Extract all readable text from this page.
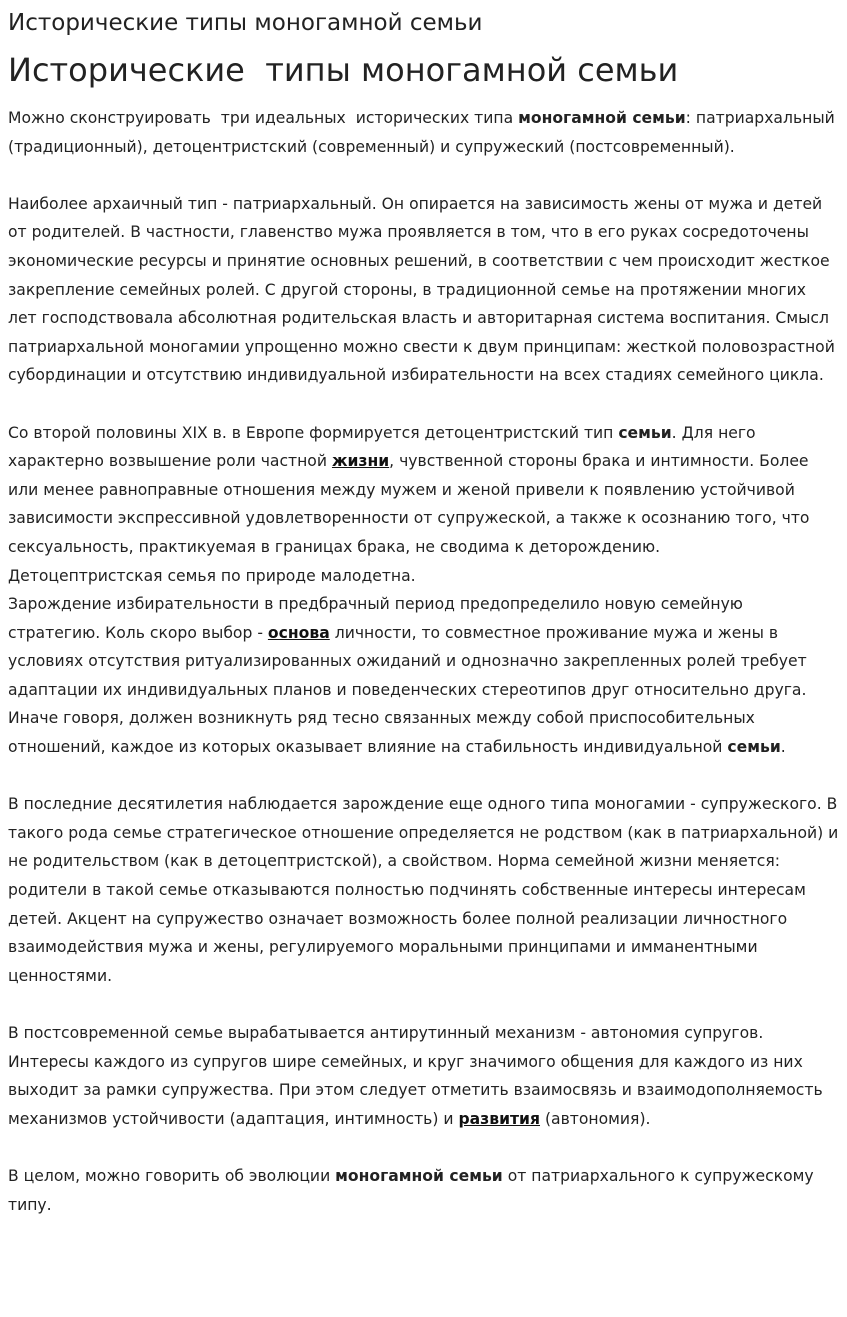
Исторические типы моногамной семьи
Исторические  типы моногамной семьи

Можно сконструировать  три идеальных  исторических типа моногамной семьи: патриархальный (традиционный), детоцентристский (современный) и супружеский (постсовременный).

Наиболее архаичный тип - патриархальный. Он опирается на зависимость жены от мужа и детей от родителей. В частности, главенство мужа проявляется в том, что в его руках сосредоточены экономические ресурсы и принятие основных решений, в соответствии с чем происходит жесткое закрепление семейных ролей. С другой стороны, в традиционной семье на протяжении многих лет господствовала абсолютная родительская власть и авторитарная система воспитания. Смысл патриархальной моногамии упрощенно можно свести к двум принципам: жесткой половозрастной субординации и отсутствию индивидуальной избирательности на всех стадиях семейного цикла.

Со второй половины XIX в. в Европе формируется детоцентристский тип семьи. Для него характерно возвышение роли частной жизни, чувственной стороны брака и интимности. Более или менее равноправные отношения между мужем и женой привели к появлению устойчивой зависимости экспрессивной удовлетворенности от супружеской, а также к осознанию того, что сексуальность, практикуемая в границах брака, не сводима к деторождению.

Детоцептристская семья по природе малодетна.

Зарождение избирательности в предбрачный период предопределило новую семейную стратегию. Коль скоро выбор - основа личности, то совместное проживание мужа и жены в условиях отсутствия ритуализированных ожиданий и однозначно закрепленных ролей требует адаптации их индивидуальных планов и поведенческих стереотипов друг относительно друга. Иначе говоря, должен возникнуть ряд тесно связанных между собой приспособительных отношений, каждое из которых оказывает влияние на стабильность индивидуальной семьи.

В последние десятилетия наблюдается зарождение еще одного типа моногамии - супружеского. В такого рода семье стратегическое отношение определяется не родством (как в патриархальной) и не родительством (как в детоцептристской), а свойством. Норма семейной жизни меняется: родители в такой семье отказываются полностью подчинять собственные интересы интересам детей. Акцент на супружество означает возможность более полной реализации личностного взаимодействия мужа и жены, регулируемого моральными принципами и имманентными ценностями.

В постсовременной семье вырабатывается антирутинный механизм - автономия супругов. Интересы каждого из супругов шире семейных, и круг значимого общения для каждого из них выходит за рамки супружества. При этом следует отметить взаимосвязь и взаимодополняемость механизмов устойчивости (адаптация, интимность) и развития (автономия).

В целом, можно говорить об эволюции моногамной семьи от патриархального к супружескому типу.
